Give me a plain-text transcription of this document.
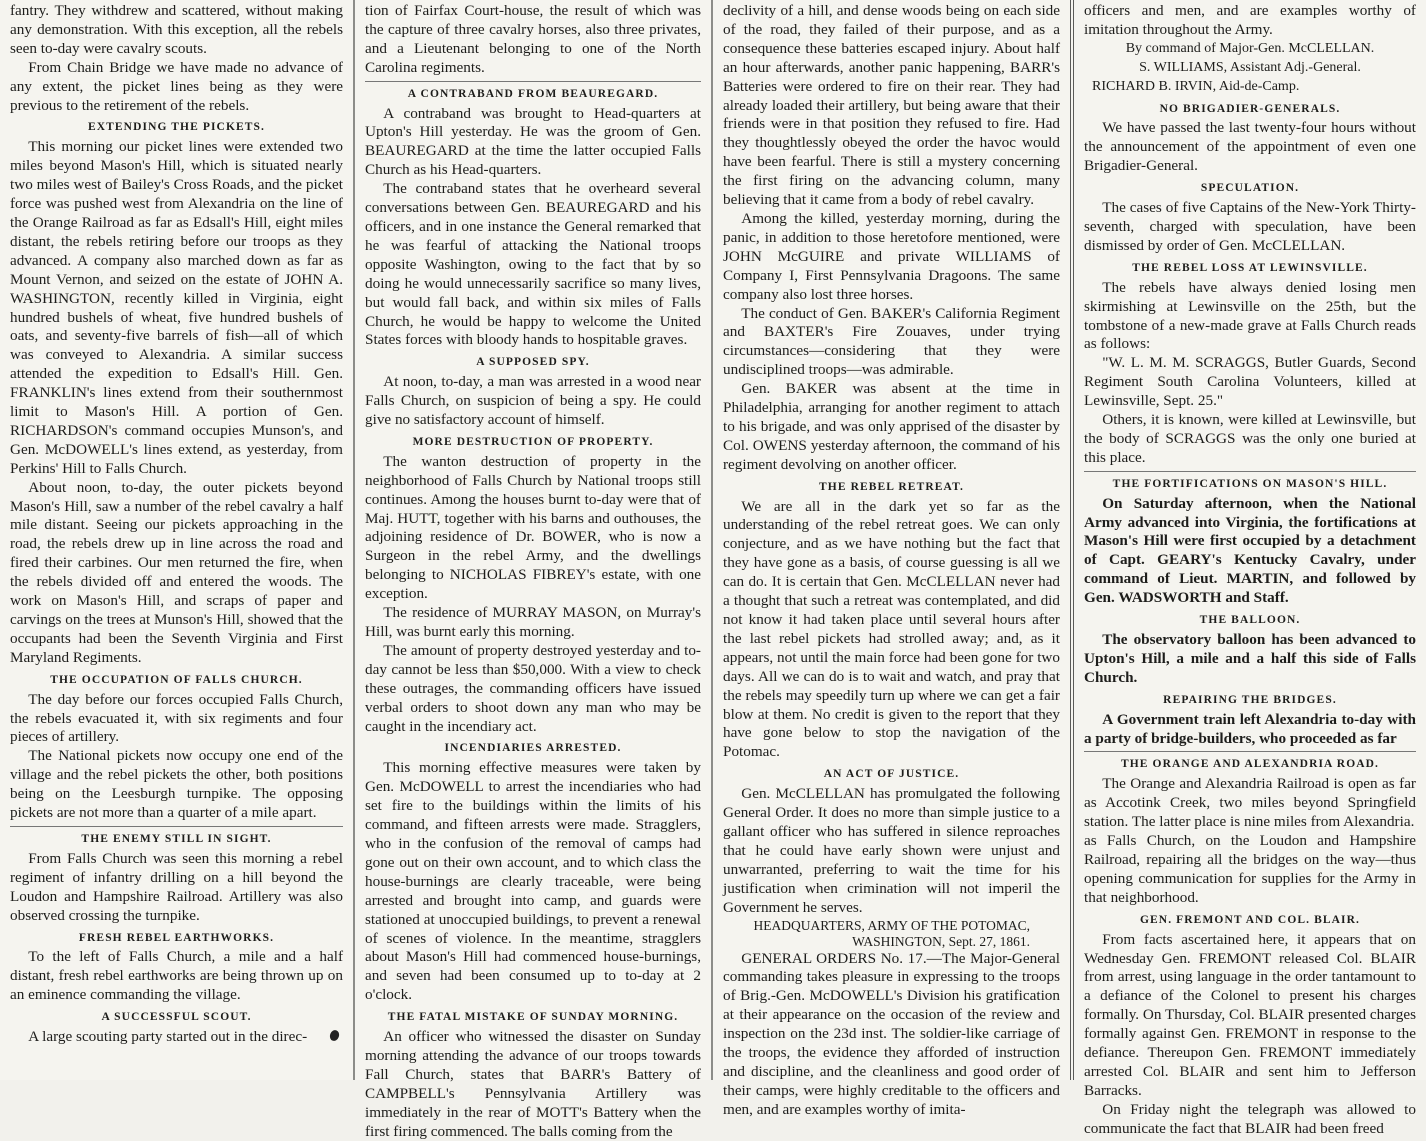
fantry. They withdrew and scattered, without making any demonstration. With this exception, all the rebels seen to-day were cavalry scouts.

From Chain Bridge we have made no advance of any extent, the picket lines being as they were previous to the retirement of the rebels.

EXTENDING THE PICKETS.

This morning our picket lines were extended two miles beyond Mason's Hill, which is situated nearly two miles west of Bailey's Cross Roads, and the picket force was pushed west from Alexandria on the line of the Orange Railroad as far as Edsall's Hill, eight miles distant, the rebels retiring before our troops as they advanced. A company also marched down as far as Mount Vernon, and seized on the estate of JOHN A. WASHINGTON, recently killed in Virginia, eight hundred bushels of wheat, five hundred bushels of oats, and seventy-five barrels of fish—all of which was conveyed to Alexandria. A similar success attended the expedition to Edsall's Hill. Gen. FRANKLIN's lines extend from their southernmost limit to Mason's Hill. A portion of Gen. RICHARDSON's command occupies Munson's, and Gen. McDOWELL's lines extend, as yesterday, from Perkins' Hill to Falls Church.

About noon, to-day, the outer pickets beyond Mason's Hill, saw a number of the rebel cavalry a half mile distant. Seeing our pickets approaching in the road, the rebels drew up in line across the road and fired their carbines. Our men returned the fire, when the rebels divided off and entered the woods. The work on Mason's Hill, and scraps of paper and carvings on the trees at Munson's Hill, showed that the occupants had been the Seventh Virginia and First Maryland Regiments.

THE OCCUPATION OF FALLS CHURCH.

The day before our forces occupied Falls Church, the rebels evacuated it, with six regiments and four pieces of artillery.

The National pickets now occupy one end of the village and the rebel pickets the other, both positions being on the Leesburgh turnpike. The opposing pickets are not more than a quarter of a mile apart.

THE ENEMY STILL IN SIGHT.

From Falls Church was seen this morning a rebel regiment of infantry drilling on a hill beyond the Loudon and Hampshire Railroad. Artillery was also observed crossing the turnpike.

FRESH REBEL EARTHWORKS.

To the left of Falls Church, a mile and a half distant, fresh rebel earthworks are being thrown up on an eminence commanding the village.

A SUCCESSFUL SCOUT.

A large scouting party started out in the direc-

tion of Fairfax Court-house, the result of which was the capture of three cavalry horses, also three privates, and a Lieutenant belonging to one of the North Carolina regiments.

A CONTRABAND FROM BEAUREGARD.

A contraband was brought to Head-quarters at Upton's Hill yesterday. He was the groom of Gen. BEAUREGARD at the time the latter occupied Falls Church as his Head-quarters.

The contraband states that he overheard several conversations between Gen. BEAUREGARD and his officers, and in one instance the General remarked that he was fearful of attacking the National troops opposite Washington, owing to the fact that by so doing he would unnecessarily sacrifice so many lives, but would fall back, and within six miles of Falls Church, he would be happy to welcome the United States forces with bloody hands to hospitable graves.

A SUPPOSED SPY.

At noon, to-day, a man was arrested in a wood near Falls Church, on suspicion of being a spy. He could give no satisfactory account of himself.

MORE DESTRUCTION OF PROPERTY.

The wanton destruction of property in the neighborhood of Falls Church by National troops still continues. Among the houses burnt to-day were that of Maj. HUTT, together with his barns and outhouses, the adjoining residence of Dr. BOWER, who is now a Surgeon in the rebel Army, and the dwellings belonging to NICHOLAS FIBREY's estate, with one exception.

The residence of MURRAY MASON, on Murray's Hill, was burnt early this morning.

The amount of property destroyed yesterday and to-day cannot be less than $50,000. With a view to check these outrages, the commanding officers have issued verbal orders to shoot down any man who may be caught in the incendiary act.

INCENDIARIES ARRESTED.

This morning effective measures were taken by Gen. McDOWELL to arrest the incendiaries who had set fire to the buildings within the limits of his command, and fifteen arrests were made. Stragglers, who in the confusion of the removal of camps had gone out on their own account, and to which class the house-burnings are clearly traceable, were being arrested and brought into camp, and guards were stationed at unoccupied buildings, to prevent a renewal of scenes of violence. In the meantime, stragglers about Mason's Hill had commenced house-burnings, and seven had been consumed up to to-day at 2 o'clock.

THE FATAL MISTAKE OF SUNDAY MORNING.

An officer who witnessed the disaster on Sunday morning attending the advance of our troops towards Fall Church, states that BARR's Battery of CAMPBELL's Pennsylvania Artillery was immediately in the rear of MOTT's Battery when the first firing commenced. The balls coming from the

declivity of a hill, and dense woods being on each side of the road, they failed of their purpose, and as a consequence these batteries escaped injury. About half an hour afterwards, another panic happening, BARR's Batteries were ordered to fire on their rear. They had already loaded their artillery, but being aware that their friends were in that position they refused to fire. Had they thoughtlessly obeyed the order the havoc would have been fearful. There is still a mystery concerning the first firing on the advancing column, many believing that it came from a body of rebel cavalry.

Among the killed, yesterday morning, during the panic, in addition to those heretofore mentioned, were JOHN McGUIRE and private WILLIAMS of Company I, First Pennsylvania Dragoons. The same company also lost three horses.

The conduct of Gen. BAKER's California Regiment and BAXTER's Fire Zouaves, under trying circumstances—considering that they were undisciplined troops—was admirable.

Gen. BAKER was absent at the time in Philadelphia, arranging for another regiment to attach to his brigade, and was only apprised of the disaster by Col. OWENS yesterday afternoon, the command of his regiment devolving on another officer.

THE REBEL RETREAT.

We are all in the dark yet so far as the understanding of the rebel retreat goes. We can only conjecture, and as we have nothing but the fact that they have gone as a basis, of course guessing is all we can do. It is certain that Gen. McCLELLAN never had a thought that such a retreat was contemplated, and did not know it had taken place until several hours after the last rebel pickets had strolled away; and, as it appears, not until the main force had been gone for two days. All we can do is to wait and watch, and pray that the rebels may speedily turn up where we can get a fair blow at them. No credit is given to the report that they have gone below to stop the navigation of the Potomac.

AN ACT OF JUSTICE.

Gen. McCLELLAN has promulgated the following General Order. It does no more than simple justice to a gallant officer who has suffered in silence reproaches that he could have early shown were unjust and unwarranted, preferring to wait the time for his justification when crimination will not imperil the Government he serves.

HEADQUARTERS, ARMY OF THE POTOMAC,

WASHINGTON, Sept. 27, 1861.

GENERAL ORDERS No. 17.—The Major-General commanding takes pleasure in expressing to the troops of Brig.-Gen. McDOWELL's Division his gratification at their appearance on the occasion of the review and inspection on the 23d inst. The soldier-like carriage of the troops, the evidence they afforded of instruction and discipline, and the cleanliness and good order of their camps, were highly creditable to the officers and men, and are examples worthy of imita-

officers and men, and are examples worthy of imitation throughout the Army.

By command of Major-Gen. McCLELLAN.

S. WILLIAMS, Assistant Adj.-General.

RICHARD B. IRVIN, Aid-de-Camp.

NO BRIGADIER-GENERALS.

We have passed the last twenty-four hours without the announcement of the appointment of even one Brigadier-General.

SPECULATION.

The cases of five Captains of the New-York Thirty-seventh, charged with speculation, have been dismissed by order of Gen. McCLELLAN.

THE REBEL LOSS AT LEWINSVILLE.

The rebels have always denied losing men skirmishing at Lewinsville on the 25th, but the tombstone of a new-made grave at Falls Church reads as follows:

"W. L. M. M. SCRAGGS, Butler Guards, Second Regiment South Carolina Volunteers, killed at Lewinsville, Sept. 25."

Others, it is known, were killed at Lewinsville, but the body of SCRAGGS was the only one buried at this place.

THE FORTIFICATIONS ON MASON'S HILL.

On Saturday afternoon, when the National Army advanced into Virginia, the fortifications at Mason's Hill were first occupied by a detachment of Capt. GEARY's Kentucky Cavalry, under command of Lieut. MARTIN, and followed by Gen. WADSWORTH and Staff.

THE BALLOON.

The observatory balloon has been advanced to Upton's Hill, a mile and a half this side of Falls Church.

REPAIRING THE BRIDGES.

A Government train left Alexandria to-day with a party of bridge-builders, who proceeded as far

THE ORANGE AND ALEXANDRIA ROAD.

The Orange and Alexandria Railroad is open as far as Accotink Creek, two miles beyond Springfield station. The latter place is nine miles from Alexandria.

as Falls Church, on the Loudon and Hampshire Railroad, repairing all the bridges on the way—thus opening communication for supplies for the Army in that neighborhood.

GEN. FREMONT AND COL. BLAIR.

From facts ascertained here, it appears that on Wednesday Gen. FREMONT released Col. BLAIR from arrest, using language in the order tantamount to a defiance of the Colonel to present his charges formally. On Thursday, Col. BLAIR presented charges formally against Gen. FREMONT in response to the defiance. Thereupon Gen. FREMONT immediately arrested Col. BLAIR and sent him to Jefferson Barracks.

On Friday night the telegraph was allowed to communicate the fact that BLAIR had been freed
